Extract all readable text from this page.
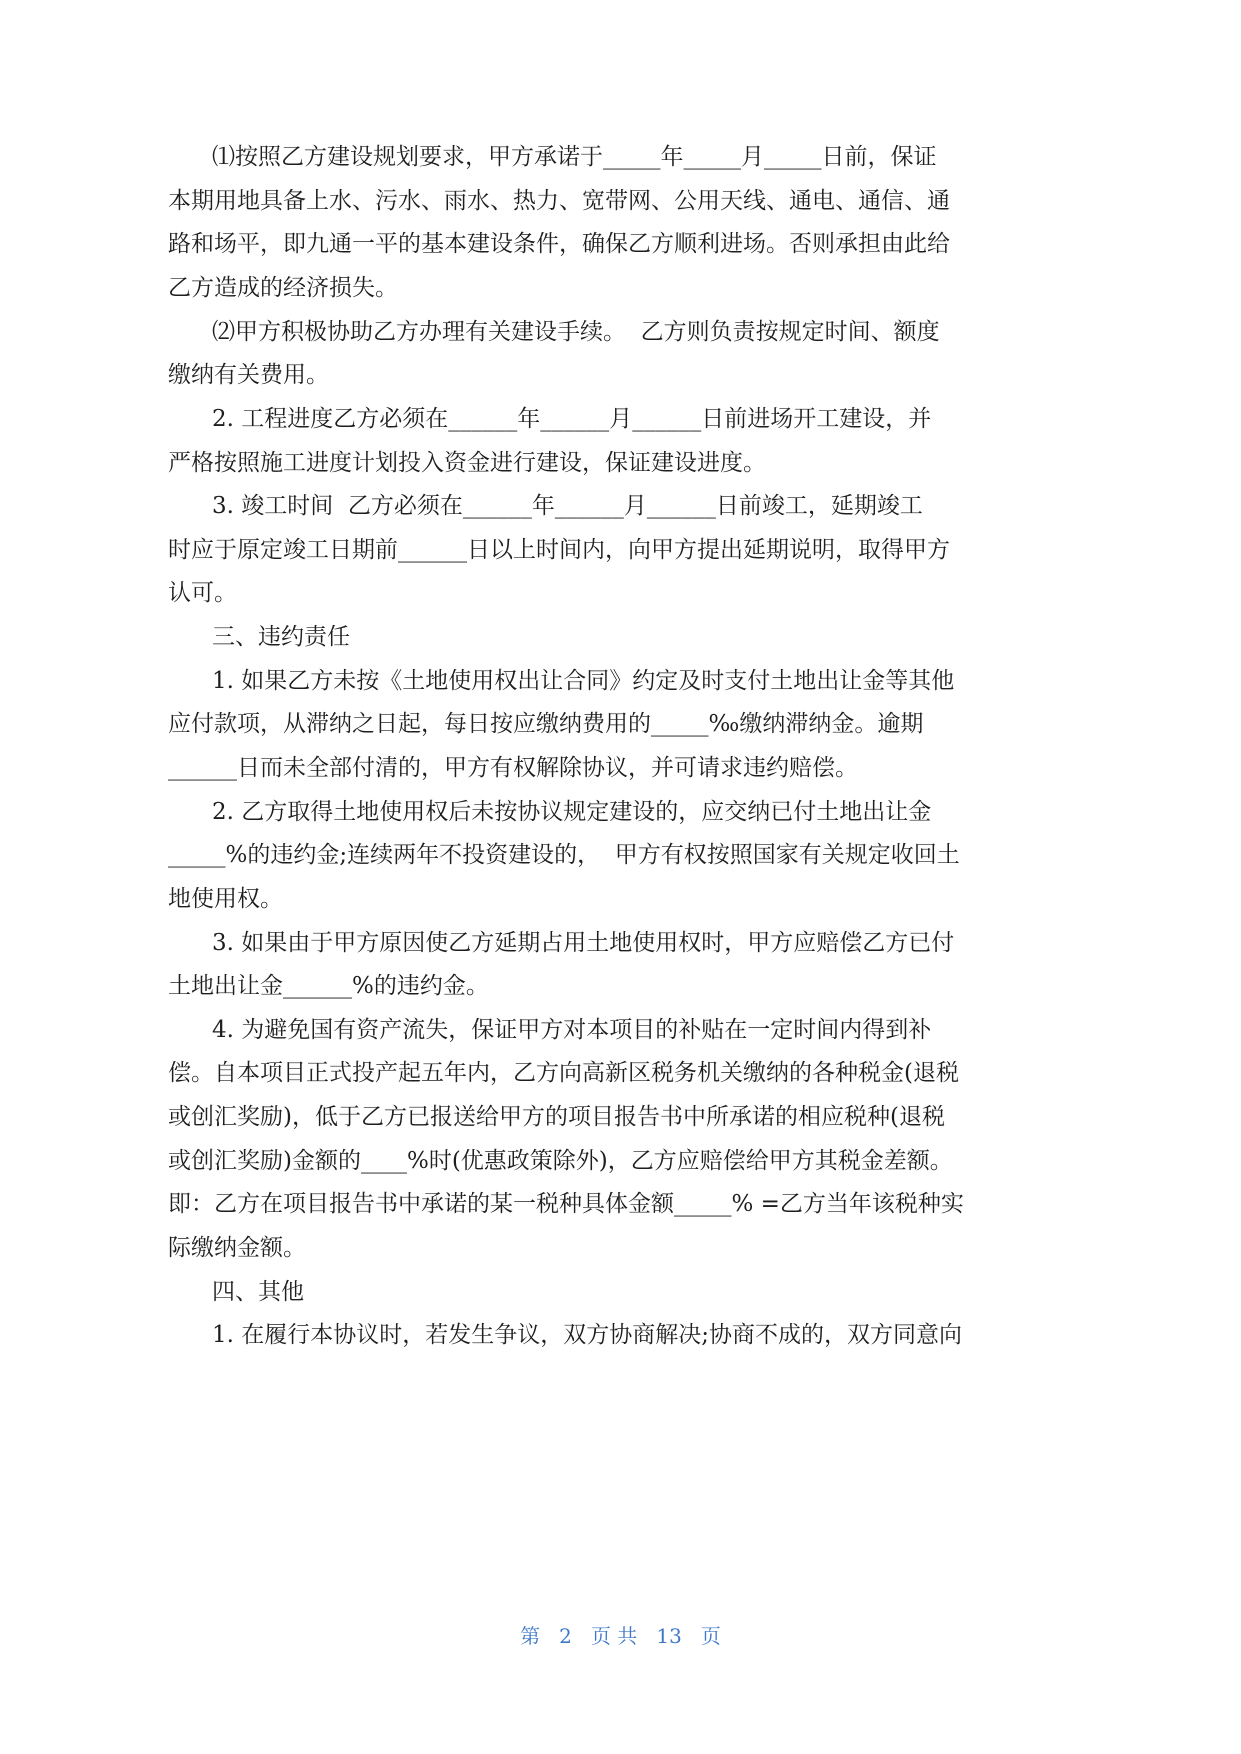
⑴按照乙方建设规划要求，甲方承诺于_____年_____月_____日前，保证
本期用地具备上水、污水、雨水、热力、宽带网、公用天线、通电、通信、通
路和场平，即九通一平的基本建设条件，确保乙方顺利进场。否则承担由此给
乙方造成的经济损失。
⑵甲方积极协助乙方办理有关建设手续。  乙方则负责按规定时间、额度
缴纳有关费用。
2. 工程进度乙方必须在______年______月______日前进场开工建设，并
严格按照施工进度计划投入资金进行建设，保证建设进度。
3. 竣工时间  乙方必须在______年______月______日前竣工，延期竣工
时应于原定竣工日期前______日以上时间内，向甲方提出延期说明，取得甲方
认可。
三、违约责任
1. 如果乙方未按《土地使用权出让合同》约定及时支付土地出让金等其他
应付款项，从滞纳之日起，每日按应缴纳费用的_____‰缴纳滞纳金。逾期
______日而未全部付清的，甲方有权解除协议，并可请求违约赔偿。
2. 乙方取得土地使用权后未按协议规定建设的，应交纳已付土地出让金
_____%的违约金;连续两年不投资建设的，  甲方有权按照国家有关规定收回土
地使用权。
3. 如果由于甲方原因使乙方延期占用土地使用权时，甲方应赔偿乙方已付
土地出让金______%的违约金。
4. 为避免国有资产流失，保证甲方对本项目的补贴在一定时间内得到补
偿。自本项目正式投产起五年内，乙方向高新区税务机关缴纳的各种税金(退税
或创汇奖励)，低于乙方已报送给甲方的项目报告书中所承诺的相应税种(退税
或创汇奖励)金额的____%时(优惠政策除外)，乙方应赔偿给甲方其税金差额。
即：乙方在项目报告书中承诺的某一税种具体金额_____% =乙方当年该税种实
际缴纳金额。
四、其他
1. 在履行本协议时，若发生争议，双方协商解决;协商不成的，双方同意向
第 2 页 共 13 页
